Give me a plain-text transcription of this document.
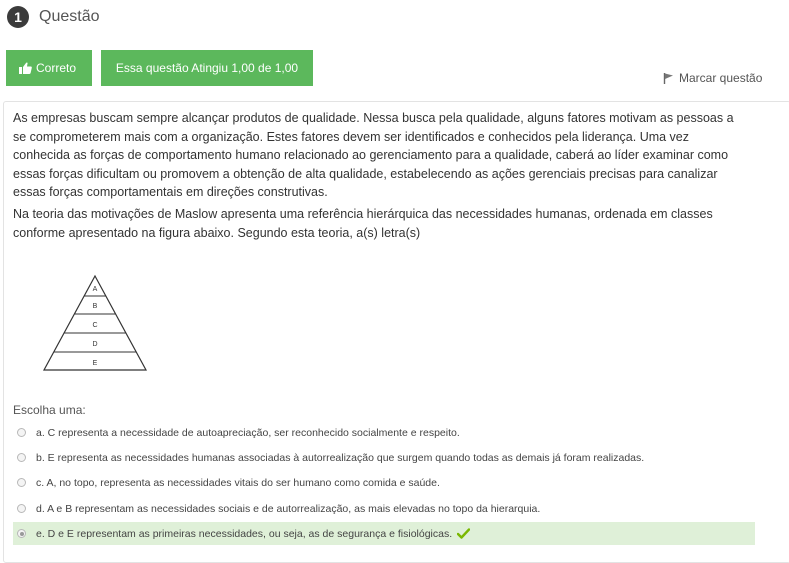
1	Questão
Correto	Essa questão Atingiu 1,00 de 1,00
Marcar questão

As empresas buscam sempre alcançar produtos de qualidade. Nessa busca pela qualidade, alguns fatores motivam as pessoas a se comprometerem mais com a organização. Estes fatores devem ser identificados e conhecidos pela liderança. Uma vez conhecida as forças de comportamento humano relacionado ao gerenciamento para a qualidade, caberá ao líder examinar como essas forças dificultam ou promovem a obtenção de alta qualidade, estabelecendo as ações gerenciais precisas para canalizar essas forças comportamentais em direções construtivas.

Na teoria das motivações de Maslow apresenta uma referência hierárquica das necessidades humanas, ordenada em classes conforme apresentado na figura abaixo. Segundo esta teoria, a(s) letra(s)

A
B
C
D
E
Escolha uma:
a. C representa a necessidade de autoapreciação, ser reconhecido socialmente e respeito.
b. E representa as necessidades humanas associadas à autorrealização que surgem quando todas as demais já foram realizadas.
c. A, no topo, representa as necessidades vitais do ser humano como comida e saúde.
d. A e B representam as necessidades sociais e de autorrealização, as mais elevadas no topo da hierarquia.
e. D e E representam as primeiras necessidades, ou seja, as de segurança e fisiológicas.
